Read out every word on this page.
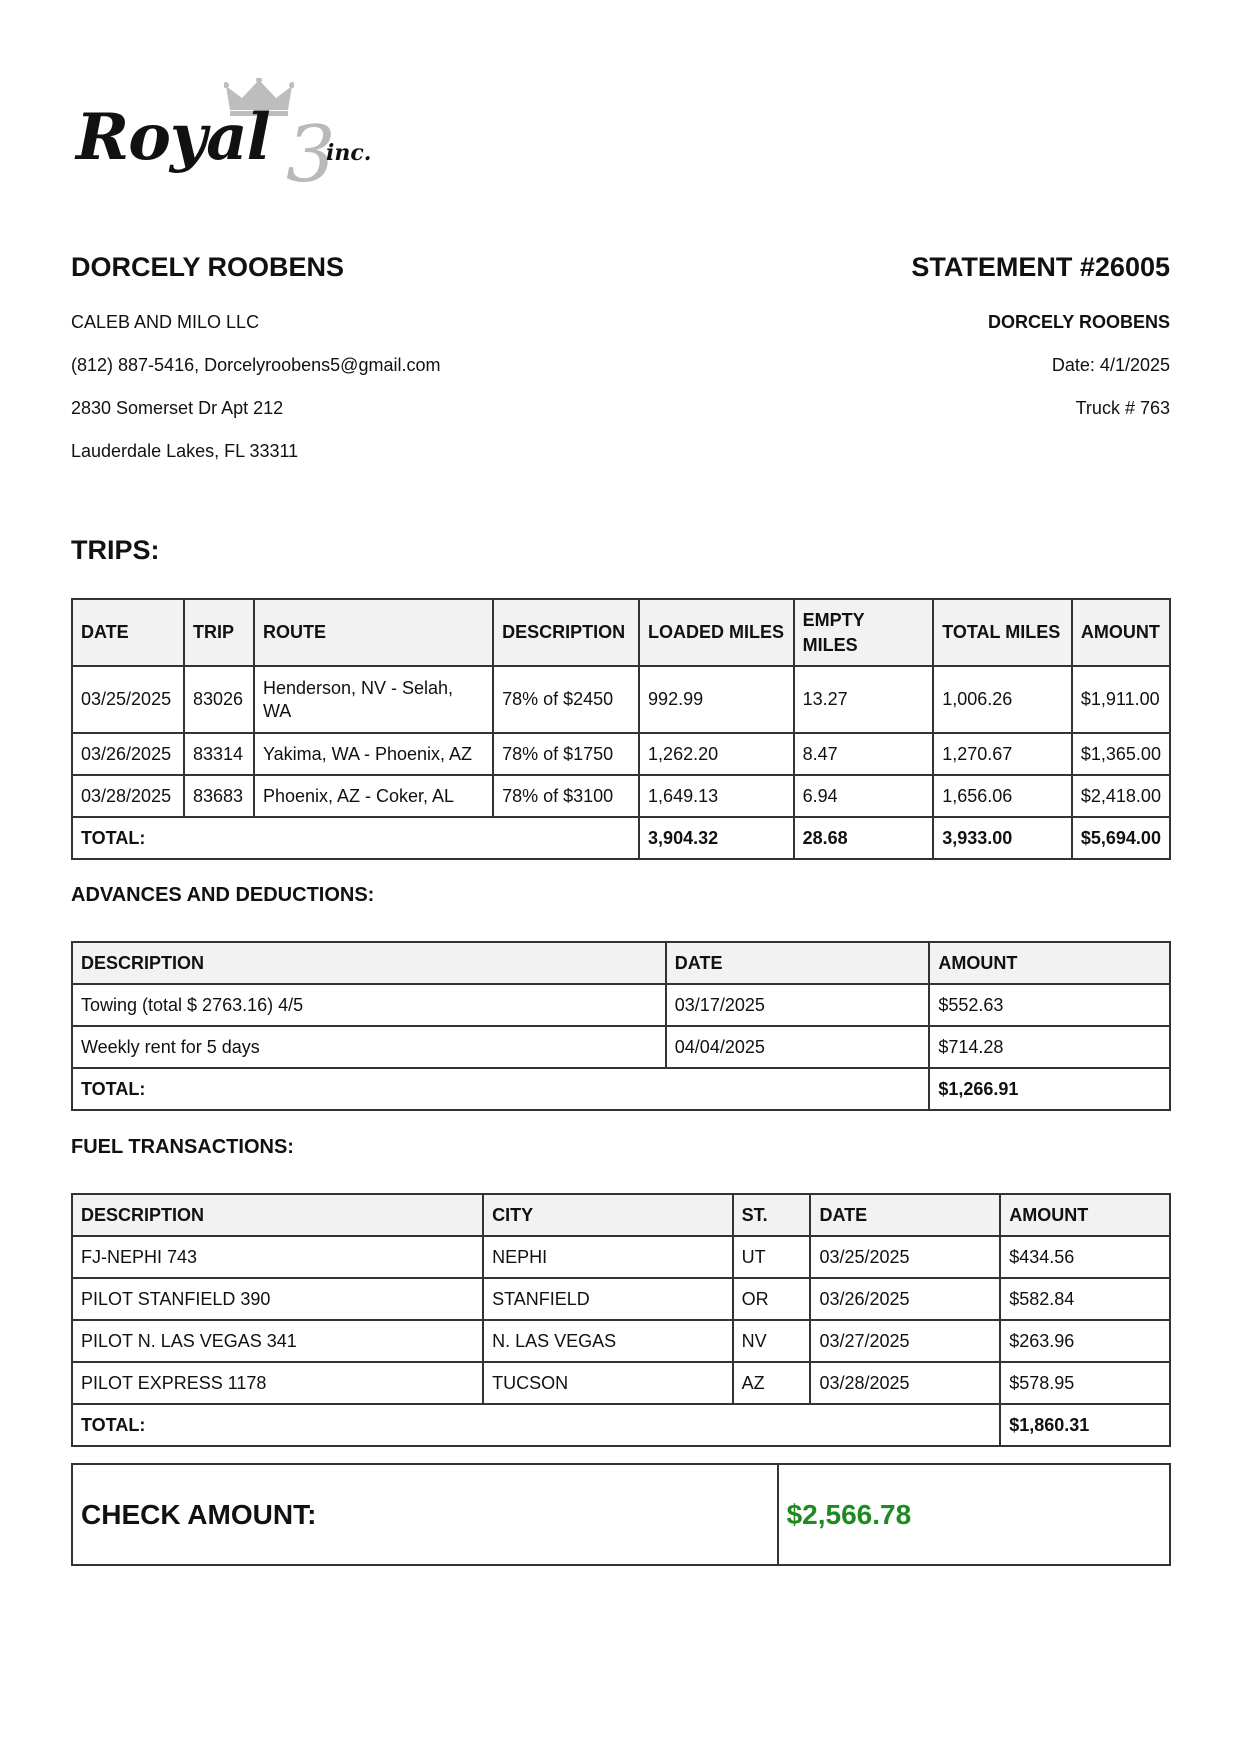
Royal 3
inc.
DORCELY ROOBENS
CALEB AND MILO LLC
(812) 887-5416, Dorcelyroobens5@gmail.com
2830 Somerset Dr Apt 212
Lauderdale Lakes, FL 33311
STATEMENT #26005
DORCELY ROOBENS
Date: 4/1/2025
Truck # 763
TRIPS:
DATE	TRIP	ROUTE	DESCRIPTION	LOADED MILES	EMPTY MILES	TOTAL MILES	AMOUNT
03/25/2025	83026	Henderson, NV - Selah, WA	78% of $2450	992.99	13.27	1,006.26	$1,911.00
03/26/2025	83314	Yakima, WA - Phoenix, AZ	78% of $1750	1,262.20	8.47	1,270.67	$1,365.00
03/28/2025	83683	Phoenix, AZ - Coker, AL	78% of $3100	1,649.13	6.94	1,656.06	$2,418.00
TOTAL:				3,904.32	28.68	3,933.00	$5,694.00
ADVANCES AND DEDUCTIONS:
DESCRIPTION	DATE	AMOUNT
Towing (total $ 2763.16) 4/5	03/17/2025	$552.63
Weekly rent for 5 days	04/04/2025	$714.28
TOTAL:		$1,266.91
FUEL TRANSACTIONS:
DESCRIPTION	CITY	ST.	DATE	AMOUNT
FJ-NEPHI 743	NEPHI	UT	03/25/2025	$434.56
PILOT STANFIELD 390	STANFIELD	OR	03/26/2025	$582.84
PILOT N. LAS VEGAS 341	N. LAS VEGAS	NV	03/27/2025	$263.96
PILOT EXPRESS 1178	TUCSON	AZ	03/28/2025	$578.95
TOTAL:				$1,860.31
CHECK AMOUNT:	$2,566.78
